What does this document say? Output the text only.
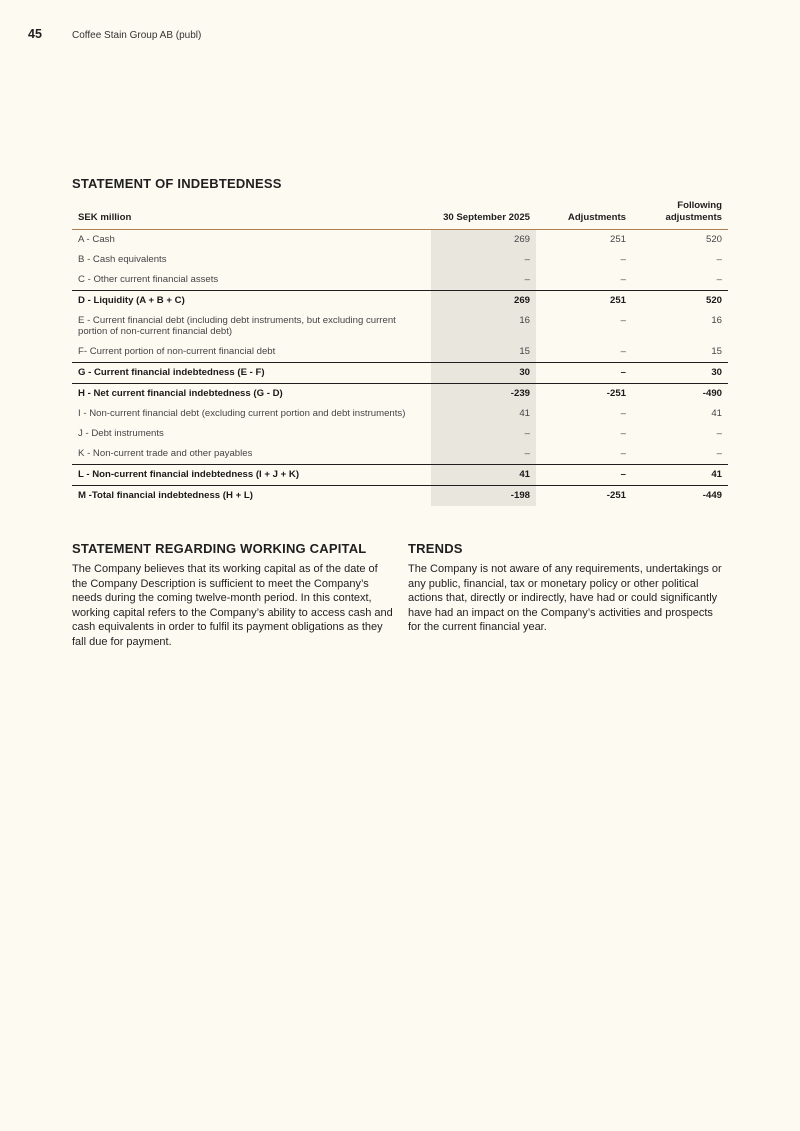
45	Coffee Stain Group AB (publ)
STATEMENT OF INDEBTEDNESS
SEK million	30 September 2025	Adjustments	Following adjustments
A - Cash	269	251	520
B - Cash equivalents	–	–	–
C - Other current financial assets	–	–	–
D - Liquidity (A + B + C)	269	251	520
E - Current financial debt (including debt instruments, but excluding current portion of non-current financial debt)	16	–	16
F- Current portion of non-current financial debt	15	–	15
G - Current financial indebtedness (E - F)	30	–	30
H - Net current financial indebtedness (G - D)	-239	-251	-490
I - Non-current financial debt (excluding current portion and debt instruments)	41	–	41
J - Debt instruments	–	–	–
K - Non-current trade and other payables	–	–	–
L - Non-current financial indebtedness (I + J + K)	41	–	41
M -Total financial indebtedness (H + L)	-198	-251	-449
STATEMENT REGARDING WORKING CAPITAL

The Company believes that its working capital as of the date of the Company Description is sufficient to meet the Company’s needs during the coming twelve-month period. In this context, working capital refers to the Company’s ability to access cash and cash equivalents in order to fulfil its payment obligations as they fall due for payment.

TRENDS

The Company is not aware of any requirements, undertakings or any public, financial, tax or monetary policy or other political actions that, directly or indirectly, have had or could significantly have had an impact on the Company’s activities and prospects for the current financial year.
